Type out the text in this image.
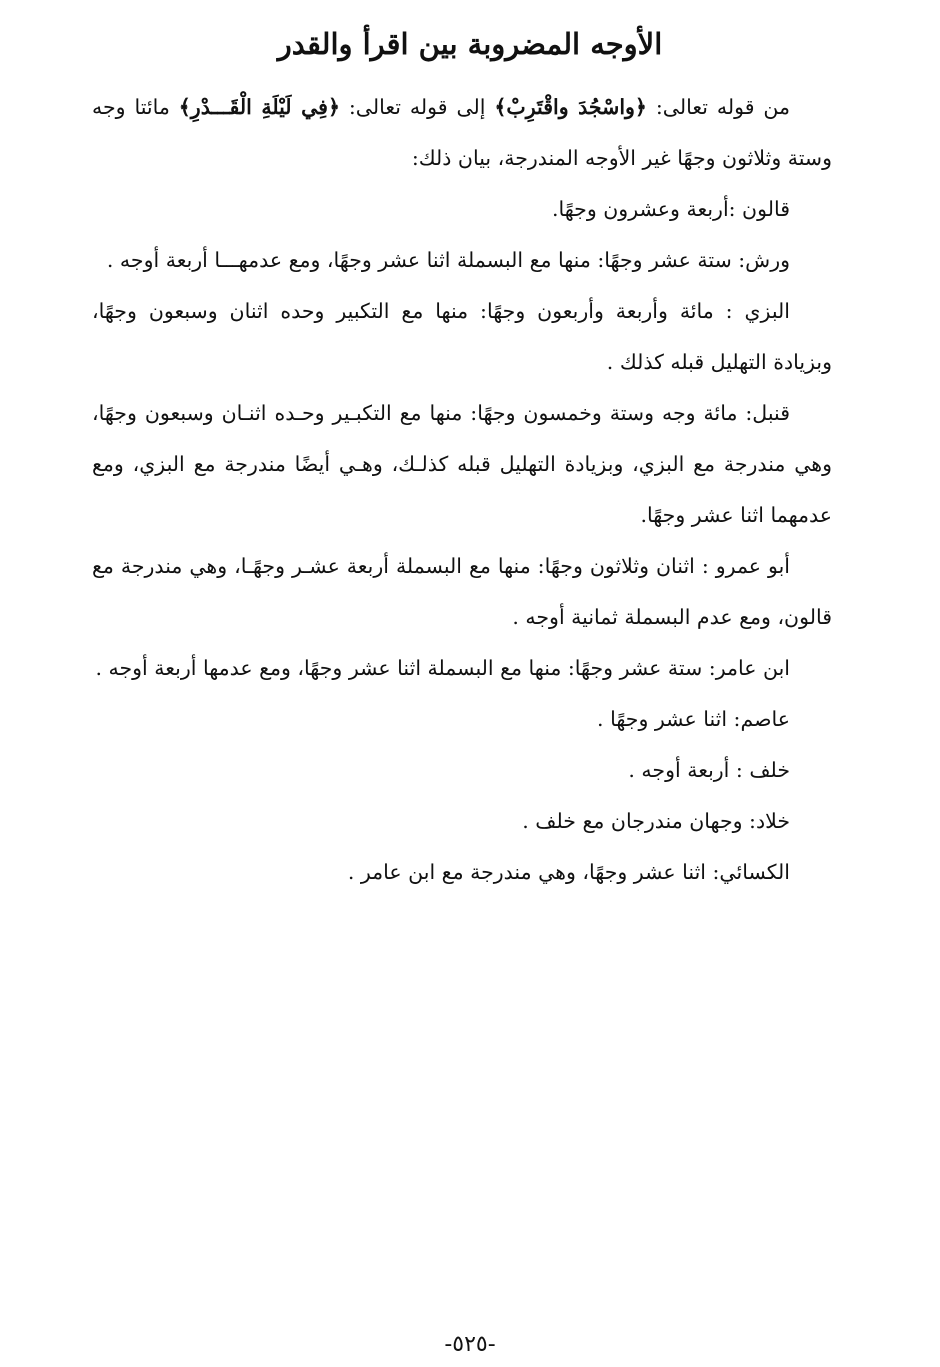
الأوجه المضروبة بين اقرأ والقدر

من قوله تعالى: ﴿واسْجُدَ واقْتَرِبْ﴾ إلى قوله تعالى: ﴿فِي لَيْلَةِ الْقَـــدْرِ﴾ مائتا وجه وستة وثلاثون وجهًا غير الأوجه المندرجة، بيان ذلك:

قالون :أربعة وعشرون وجهًا.

ورش: ستة عشر وجهًا: منها مع البسملة اثنا عشر وجهًا، ومع عدمهـــا أربعة أوجه .

البزي : مائة وأربعة وأربعون وجهًا: منها مع التكبير وحده اثنان وسبعون وجهًا، وبزيادة التهليل قبله كذلك .

قنبل: مائة وجه وستة وخمسون وجهًا: منها مع التكبـير وحـده اثنـان وسبعون وجهًا، وهي مندرجة مع البزي، وبزيادة التهليل قبله كذلـك، وهـي أيضًا مندرجة مع البزي، ومع عدمهما اثنا عشر وجهًا.

أبو عمرو : اثنان وثلاثون وجهًا: منها مع البسملة أربعة عشـر وجهًـا، وهي مندرجة مع قالون، ومع عدم البسملة ثمانية أوجه .

ابن عامر: ستة عشر وجهًا: منها مع البسملة اثنا عشر وجهًا، ومع عدمها أربعة أوجه .

عاصم: اثنا عشر وجهًا .

خلف : أربعة أوجه .

خلاد: وجهان مندرجان مع خلف .

الكسائي: اثنا عشر وجهًا، وهي مندرجة مع ابن عامر .

-٥٢٥-
